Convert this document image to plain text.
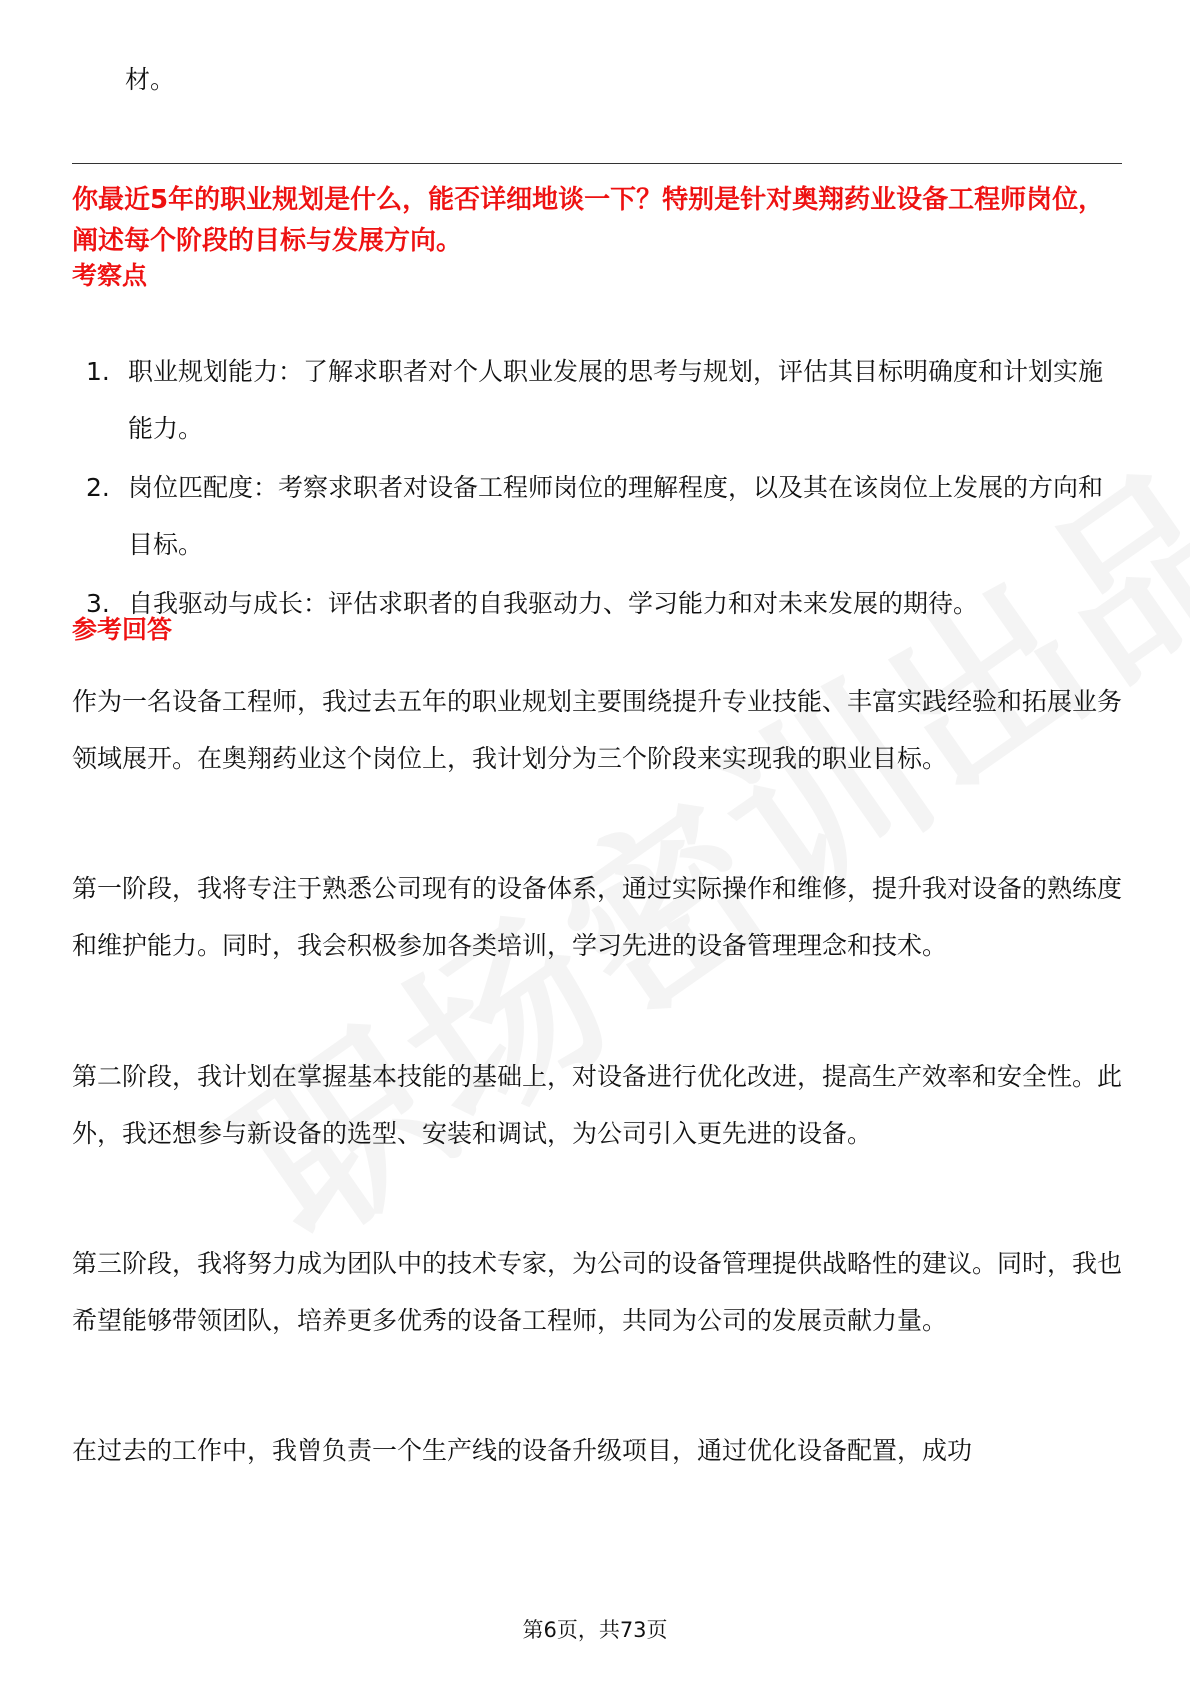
材。
你最近5年的职业规划是什么，能否详细地谈一下？特别是针对奥翔药业设备工程师岗位，阐述每个阶段的目标与发展方向。
考察点
1. 职业规划能力：了解求职者对个人职业发展的思考与规划，评估其目标明确度和计划实施能力。
2. 岗位匹配度：考察求职者对设备工程师岗位的理解程度，以及其在该岗位上发展的方向和目标。
3. 自我驱动与成长：评估求职者的自我驱动力、学习能力和对未来发展的期待。
参考回答

作为一名设备工程师，我过去五年的职业规划主要围绕提升专业技能、丰富实践经验和拓展业务领域展开。在奥翔药业这个岗位上，我计划分为三个阶段来实现我的职业目标。

第一阶段，我将专注于熟悉公司现有的设备体系，通过实际操作和维修，提升我对设备的熟练度和维护能力。同时，我会积极参加各类培训，学习先进的设备管理理念和技术。

第二阶段，我计划在掌握基本技能的基础上，对设备进行优化改进，提高生产效率和安全性。此外，我还想参与新设备的选型、安装和调试，为公司引入更先进的设备。

第三阶段，我将努力成为团队中的技术专家，为公司的设备管理提供战略性的建议。同时，我也希望能够带领团队，培养更多优秀的设备工程师，共同为公司的发展贡献力量。

在过去的工作中，我曾负责一个生产线的设备升级项目，通过优化设备配置，成功

第6页，共73页
